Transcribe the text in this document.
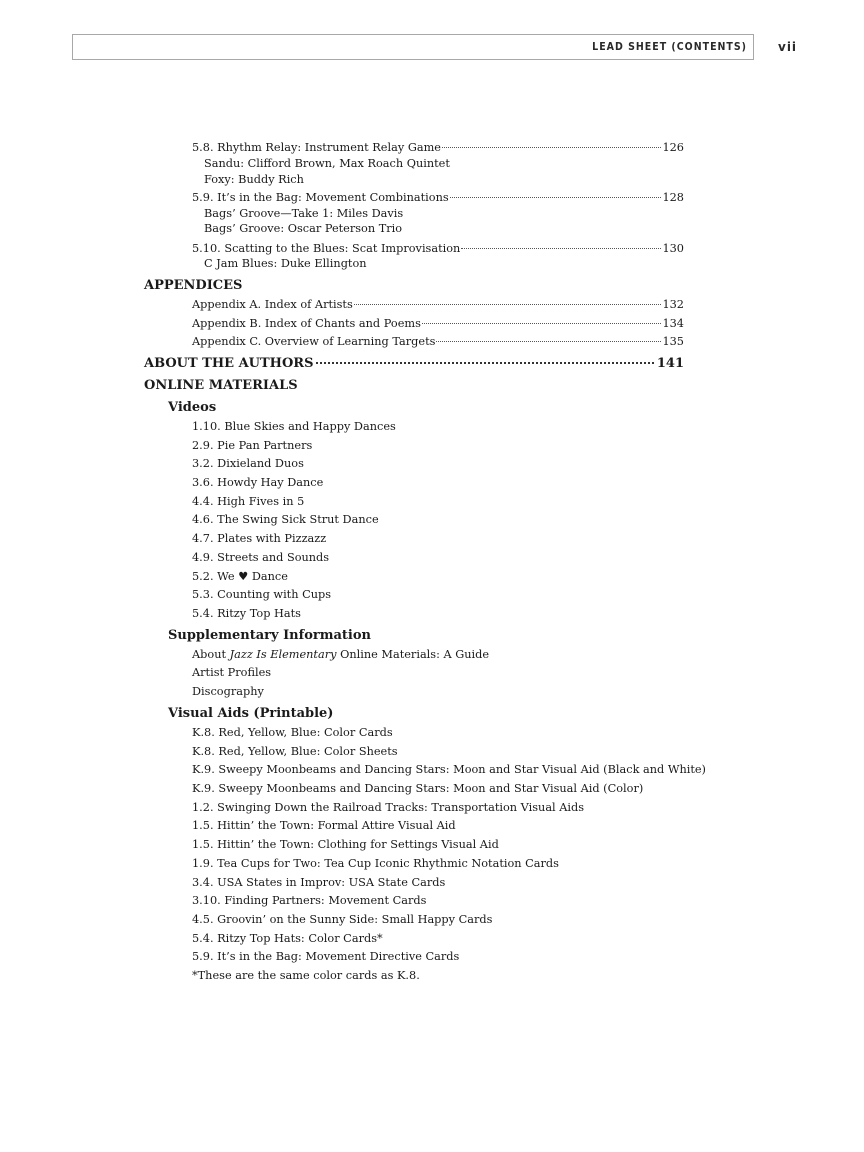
LEAD SHEET (CONTENTS)	vii
5.8. Rhythm Relay: Instrument Relay Game	126
Sandu: Clifford Brown, Max Roach Quintet
Foxy: Buddy Rich
5.9. It’s in the Bag: Movement Combinations	128
Bags’ Groove—Take 1: Miles Davis
Bags’ Groove: Oscar Peterson Trio
5.10. Scatting to the Blues: Scat Improvisation	130
C Jam Blues: Duke Ellington
APPENDICES
Appendix A. Index of Artists	132
Appendix B. Index of Chants and Poems	134
Appendix C. Overview of Learning Targets	135
ABOUT THE AUTHORS	141
ONLINE MATERIALS
Videos
1.10. Blue Skies and Happy Dances
2.9. Pie Pan Partners
3.2. Dixieland Duos
3.6. Howdy Hay Dance
4.4. High Fives in 5
4.6. The Swing Sick Strut Dance
4.7. Plates with Pizzazz
4.9. Streets and Sounds
5.2. We ♥ Dance
5.3. Counting with Cups
5.4. Ritzy Top Hats
Supplementary Information
About Jazz Is Elementary Online Materials: A Guide
Artist Profiles
Discography
Visual Aids (Printable)
K.8. Red, Yellow, Blue: Color Cards
K.8. Red, Yellow, Blue: Color Sheets
K.9. Sweepy Moonbeams and Dancing Stars: Moon and Star Visual Aid (Black and White)
K.9. Sweepy Moonbeams and Dancing Stars: Moon and Star Visual Aid (Color)
1.2. Swinging Down the Railroad Tracks: Transportation Visual Aids
1.5. Hittin’ the Town: Formal Attire Visual Aid
1.5. Hittin’ the Town: Clothing for Settings Visual Aid
1.9. Tea Cups for Two: Tea Cup Iconic Rhythmic Notation Cards
3.4. USA States in Improv: USA State Cards
3.10. Finding Partners: Movement Cards
4.5. Groovin’ on the Sunny Side: Small Happy Cards
5.4. Ritzy Top Hats: Color Cards*
5.9. It’s in the Bag: Movement Directive Cards
*These are the same color cards as K.8.
